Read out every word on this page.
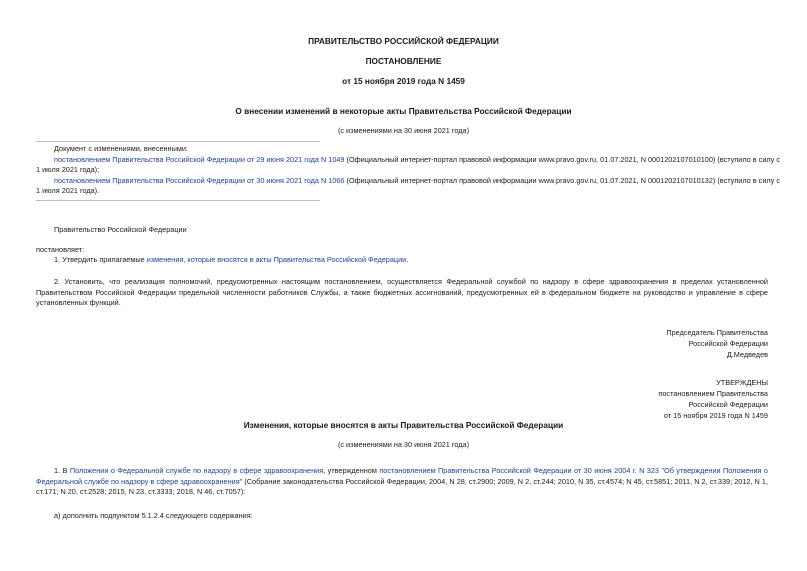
ПРАВИТЕЛЬСТВО РОССИЙСКОЙ ФЕДЕРАЦИИ
ПОСТАНОВЛЕНИЕ
от 15 ноября 2019 года N 1459
О внесении изменений в некоторые акты Правительства Российской Федерации
(с изменениями на 30 июня 2021 года)
Документ с изменениями, внесенными:
постановлением Правительства Российской Федерации от 29 июня 2021 года N 1049 (Официальный интернет-портал правовой информации www.pravo.gov.ru, 01.07.2021, N 0001202107010100) (вступило в силу с
1 июля 2021 года);
постановлением Правительства Российской Федерации от 30 июня 2021 года N 1066 (Официальный интернет-портал правовой информации www.pravo.gov.ru, 01.07.2021, N 0001202107010132) (вступило в силу с
1 июля 2021 года).
Правительство Российской Федерации
постановляет:
1. Утвердить прилагаемые изменения, которые вносятся в акты Правительства Российской Федерации.
2. Установить, что реализация полномочий, предусмотренных настоящим постановлением, осуществляется Федеральной службой по надзору в сфере здравоохранения в пределах установленной Правительством Российской Федерации предельной численности работников Службы, а также бюджетных ассигнований, предусмотренных ей в федеральном бюджете на руководство и управление в сфере установленных функций.
Председатель Правительства
Российской Федерации
Д.Медведев
УТВЕРЖДЕНЫ
постановлением Правительства
Российской Федерации
от 15 ноября 2019 года N 1459
Изменения, которые вносятся в акты Правительства Российской Федерации
(с изменениями на 30 июня 2021 года)
1. В Положении о Федеральной службе по надзору в сфере здравоохранения, утвержденном постановлением Правительства Российской Федерации от 30 июня 2004 г. N 323 "Об утверждении Положения о Федеральной службе по надзору в сфере здравоохранения" (Собрание законодательства Российской Федерации, 2004, N 28, ст.2900; 2009, N 2, ст.244; 2010, N 35, ст.4574; N 45, ст.5851; 2011, N 2, ст.339; 2012, N 1, ст.171; N 20, ст.2528; 2015, N 23, ст.3333; 2018, N 46, ст.7057):
а) дополнить подпунктом 5.1.2.4 следующего содержания:
